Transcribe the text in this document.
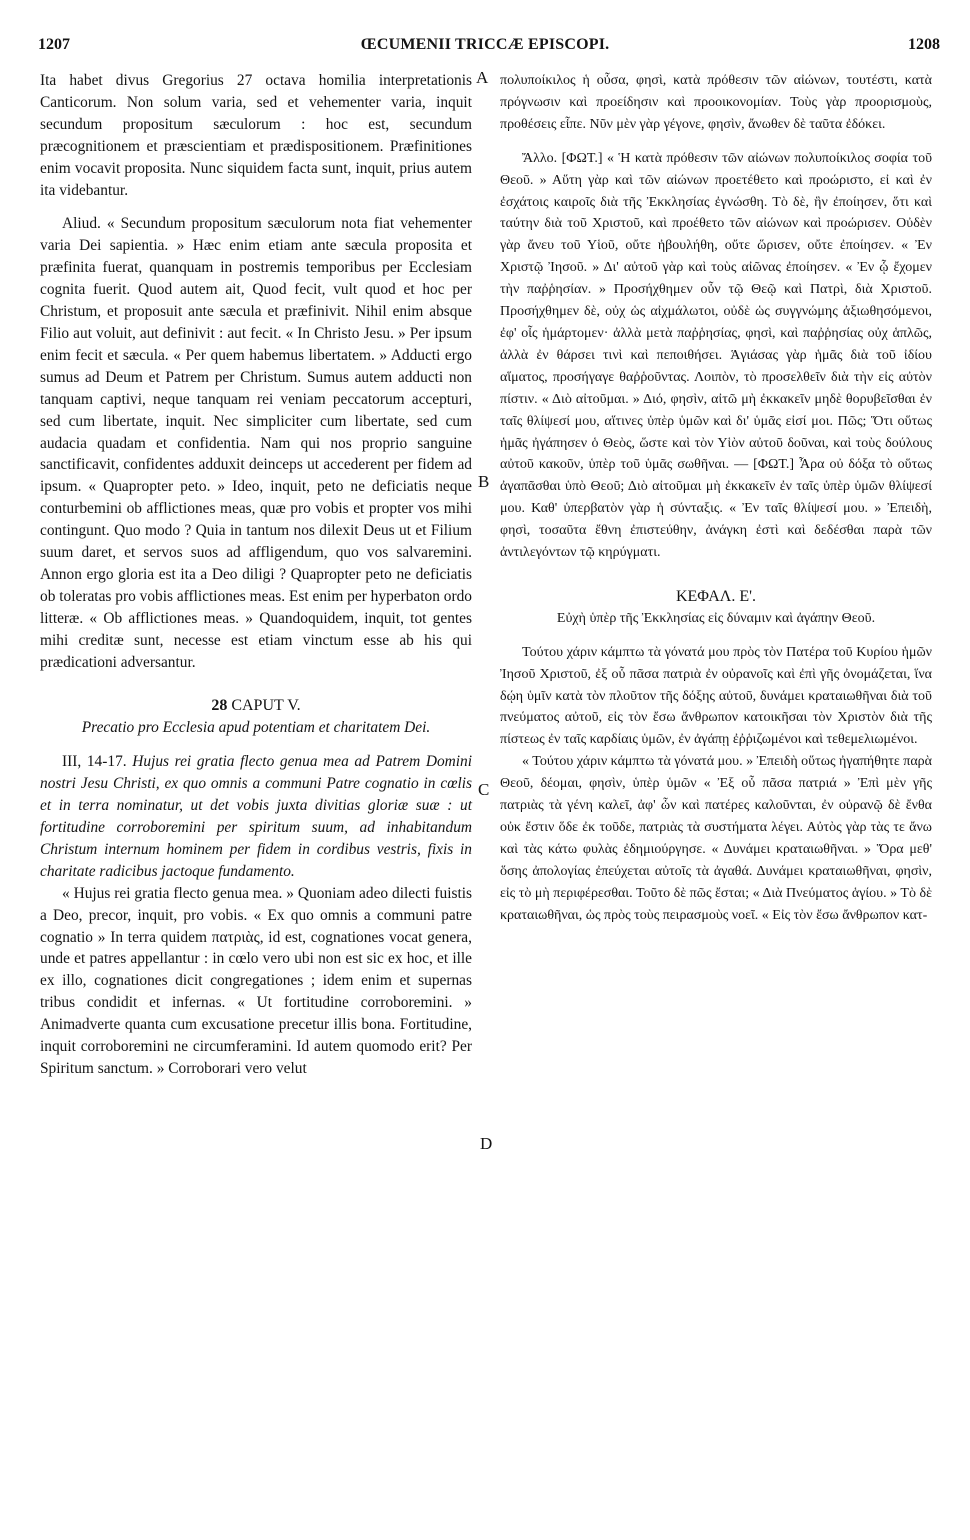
1207	ŒCUMENII TRICCÆ EPISCOPI.	1208
A
B
C
D

Ita habet divus Gregorius 27 octava homilia interpretationis Canticorum. Non solum varia, sed et vehementer varia, inquit secundum propositum sæculorum : hoc est, secundum præcognitionem et præscientiam et prædispositionem. Præfinitiones enim vocavit proposita. Nunc siquidem facta sunt, inquit, prius autem ita videbantur.

Aliud. « Secundum propositum sæculorum nota fiat vehementer varia Dei sapientia. » Hæc enim etiam ante sæcula proposita et præfinita fuerat, quanquam in postremis temporibus per Ecclesiam cognita fuerit. Quod autem ait, Quod fecit, vult quod et hoc per Christum, et proposuit ante sæcula et præfinivit. Nihil enim absque Filio aut voluit, aut definivit : aut fecit. « In Christo Jesu. » Per ipsum enim fecit et sæcula. « Per quem habemus libertatem. » Adducti ergo sumus ad Deum et Patrem per Christum. Sumus autem adducti non tanquam captivi, neque tanquam rei veniam peccatorum accepturi, sed cum libertate, inquit. Nec simpliciter cum libertate, sed cum audacia quadam et confidentia. Nam qui nos proprio sanguine sanctificavit, confidentes adduxit deinceps ut accederent per fidem ad ipsum. « Quapropter peto. » Ideo, inquit, peto ne deficiatis neque conturbemini ob afflictiones meas, quæ pro vobis et propter vos mihi contingunt. Quo modo ? Quia in tantum nos dilexit Deus ut et Filium suum daret, et servos suos ad affligendum, quo vos salvaremini. Annon ergo gloria est ita a Deo diligi ? Quapropter peto ne deficiatis ob toleratas pro vobis afflictiones meas. Est enim per hyperbaton ordo litteræ. « Ob afflictiones meas. » Quandoquidem, inquit, tot gentes mihi creditæ sunt, necesse est etiam vinctum esse ab his qui prædicationi adversantur.

28 CAPUT V.

Precatio pro Ecclesia apud potentiam et charitatem Dei.

III, 14-17. Hujus rei gratia flecto genua mea ad Patrem Domini nostri Jesu Christi, ex quo omnis a communi Patre cognatio in cœlis et in terra nominatur, ut det vobis juxta divitias gloriæ suæ : ut fortitudine corroboremini per spiritum suum, ad inhabitandum Christum internum hominem per fidem in cordibus vestris, fixis in charitate radicibus jactoque fundamento.

« Hujus rei gratia flecto genua mea. » Quoniam adeo dilecti fuistis a Deo, precor, inquit, pro vobis. « Ex quo omnis a communi patre cognatio » In terra quidem πατριὰς, id est, cognationes vocat genera, unde et patres appellantur : in cœlo vero ubi non est sic ex hoc, et ille ex illo, cognationes dicit congregationes ; idem enim et supernas tribus condidit et infernas. « Ut fortitudine corroboremini. » Animadverte quanta cum excusatione precetur illis bona. Fortitudine, inquit corroboremini ne circumferamini. Id autem quomodo erit? Per Spiritum sanctum. » Corroborari vero velut

πολυποίκιλος ἡ οὖσα, φησὶ, κατὰ πρόθεσιν τῶν αἰώνων, τουτέστι, κατὰ πρόγνωσιν καὶ προείδησιν καὶ προοικονομίαν. Τοὺς γὰρ προορισμοὺς, προθέσεις εἶπε. Νῦν μὲν γὰρ γέγονε, φησὶν, ἄνωθεν δὲ ταῦτα ἐδόκει.

Ἄλλο. [ΦΩΤ.] « Ἡ κατὰ πρόθεσιν τῶν αἰώνων πολυποίκιλος σοφία τοῦ Θεοῦ. » Αὕτη γὰρ καὶ τῶν αἰώνων προετέθετο καὶ προώριστο, εἰ καὶ ἐν ἐσχάτοις καιροῖς διὰ τῆς Ἐκκλησίας ἐγνώσθη. Τὸ δὲ, ἣν ἐποίησεν, ὅτι καὶ ταύτην διὰ τοῦ Χριστοῦ, καὶ προέθετο τῶν αἰώνων καὶ προώρισεν. Οὐδὲν γὰρ ἄνευ τοῦ Υἱοῦ, οὔτε ἠβουλήθη, οὔτε ὥρισεν, οὔτε ἐποίησεν. « Ἐν Χριστῷ Ἰησοῦ. » Δι' αὐτοῦ γὰρ καὶ τοὺς αἰῶνας ἐποίησεν. « Ἐν ᾧ ἔχομεν τὴν παῤῥησίαν. » Προσήχθημεν οὖν τῷ Θεῷ καὶ Πατρὶ, διὰ Χριστοῦ. Προσήχθημεν δὲ, οὐχ ὡς αἰχμάλωτοι, οὐδὲ ὡς συγγνώμης ἀξιωθησόμενοι, ἐφ' οἷς ἡμάρτομεν· ἀλλὰ μετὰ παῤῥησίας, φησὶ, καὶ παῤῥησίας οὐχ ἁπλῶς, ἀλλὰ ἐν θάρσει τινὶ καὶ πεποιθήσει. Ἁγιάσας γὰρ ἡμᾶς διὰ τοῦ ἰδίου αἵματος, προσήγαγε θαῤῥοῦντας. Λοιπὸν, τὸ προσελθεῖν διὰ τὴν εἰς αὐτὸν πίστιν. « Διὸ αἰτοῦμαι. » Διό, φησὶν, αἰτῶ μὴ ἐκκακεῖν μηδὲ θορυβεῖσθαι ἐν ταῖς θλίψεσί μου, αἵτινες ὑπὲρ ὑμῶν καὶ δι' ὑμᾶς εἰσί μοι. Πῶς; Ὅτι οὕτως ἡμᾶς ἠγάπησεν ὁ Θεὸς, ὥστε καὶ τὸν Υἱὸν αὐτοῦ δοῦναι, καὶ τοὺς δούλους αὐτοῦ κακοῦν, ὑπὲρ τοῦ ὑμᾶς σωθῆναι. — [ΦΩΤ.] Ἆρα οὐ δόξα τὸ οὕτως ἀγαπᾶσθαι ὑπὸ Θεοῦ; Διὸ αἰτοῦμαι μὴ ἐκκακεῖν ἐν ταῖς ὑπὲρ ὑμῶν θλίψεσί μου. Καθ' ὑπερβατὸν γὰρ ἡ σύνταξις. « Ἐν ταῖς θλίψεσί μου. » Ἐπειδὴ, φησὶ, τοσαῦτα ἔθνη ἐπιστεύθην, ἀνάγκη ἐστὶ καὶ δεδέσθαι παρὰ τῶν ἀντιλεγόντων τῷ κηρύγματι.

ΚΕΦΑΛ. Ε'.

Εὐχὴ ὑπὲρ τῆς Ἐκκλησίας εἰς δύναμιν καὶ ἀγάπην Θεοῦ.

Τούτου χάριν κάμπτω τὰ γόνατά μου πρὸς τὸν Πατέρα τοῦ Κυρίου ἡμῶν Ἰησοῦ Χριστοῦ, ἐξ οὗ πᾶσα πατριὰ ἐν οὐρανοῖς καὶ ἐπὶ γῆς ὀνομάζεται, ἵνα δῴη ὑμῖν κατὰ τὸν πλοῦτον τῆς δόξης αὐτοῦ, δυνάμει κραταιωθῆναι διὰ τοῦ πνεύματος αὐτοῦ, εἰς τὸν ἔσω ἄνθρωπον κατοικῆσαι τὸν Χριστὸν διὰ τῆς πίστεως ἐν ταῖς καρδίαις ὑμῶν, ἐν ἀγάπῃ ἐῤῥιζωμένοι καὶ τεθεμελιωμένοι.

« Τούτου χάριν κάμπτω τὰ γόνατά μου. » Ἐπειδὴ οὕτως ἠγαπήθητε παρὰ Θεοῦ, δέομαι, φησὶν, ὑπὲρ ὑμῶν « Ἐξ οὗ πᾶσα πατριά » Ἐπὶ μὲν γῆς πατριὰς τὰ γένη καλεῖ, ἀφ' ὧν καὶ πατέρες καλοῦνται, ἐν οὐρανῷ δὲ ἔνθα οὐκ ἔστιν ὅδε ἐκ τοῦδε, πατριὰς τὰ συστήματα λέγει. Αὐτὸς γὰρ τὰς τε ἄνω καὶ τὰς κάτω φυλὰς ἐδημιούργησε. « Δυνάμει κραταιωθῆναι. » Ὅρα μεθ' ὅσης ἀπολογίας ἐπεύχεται αὐτοῖς τὰ ἀγαθά. Δυνάμει κραταιωθῆναι, φησὶν, εἰς τὸ μὴ περιφέρεσθαι. Τοῦτο δὲ πῶς ἔσται; « Διὰ Πνεύματος ἁγίου. » Τὸ δὲ κραταιωθῆναι, ὡς πρὸς τοὺς πειρασμοὺς νοεῖ. « Εἰς τὸν ἔσω ἄνθρωπον κατ-
